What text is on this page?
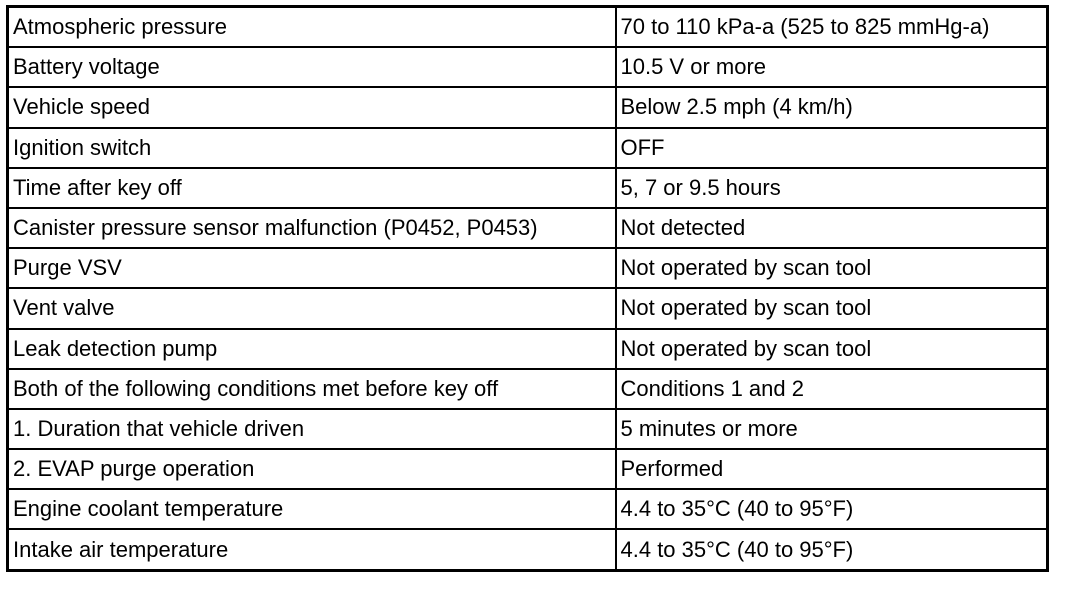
Atmospheric pressure	70 to 110 kPa-a (525 to 825 mmHg-a)
Battery voltage	10.5 V or more
Vehicle speed	Below 2.5 mph (4 km/h)
Ignition switch	OFF
Time after key off	5, 7 or 9.5 hours
Canister pressure sensor malfunction (P0452, P0453)	Not detected
Purge VSV	Not operated by scan tool
Vent valve	Not operated by scan tool
Leak detection pump	Not operated by scan tool
Both of the following conditions met before key off	Conditions 1 and 2
1. Duration that vehicle driven	5 minutes or more
2. EVAP purge operation	Performed
Engine coolant temperature	4.4 to 35°C (40 to 95°F)
Intake air temperature	4.4 to 35°C (40 to 95°F)
